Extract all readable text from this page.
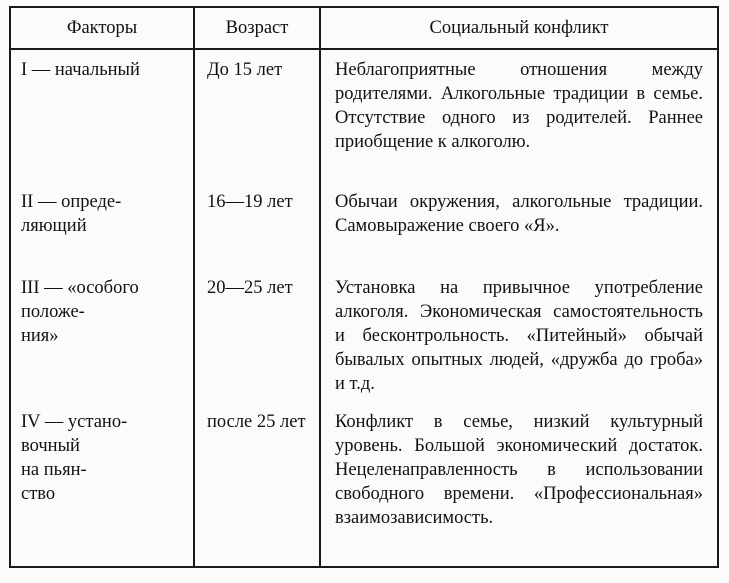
Факторы	Возраст	Социальный конфликт

I — начальный	До 15 лет	Неблагоприятные отношения между родителями. Алкогольные традиции в семье. Отсутствие одного из родителей. Раннее приобщение к алкоголю.

II — опреде-
ляющий	16—19 лет	Обычаи окружения, алкогольные традиции. Самовыражение своего «Я».

III — «особого
положе-
ния»	20—25 лет	Установка на привычное употребление алкоголя. Экономическая самостоятельность и бесконтрольность. «Питейный» обычай бывалых опытных людей, «дружба до гроба» и т.д.

IV — устано-
вочный
на пьян-
ство	после 25 лет	Конфликт в семье, низкий культурный уровень. Большой экономический достаток. Нецеленаправленность в использовании свободного времени. «Профессиональная» взаимозависимость.
